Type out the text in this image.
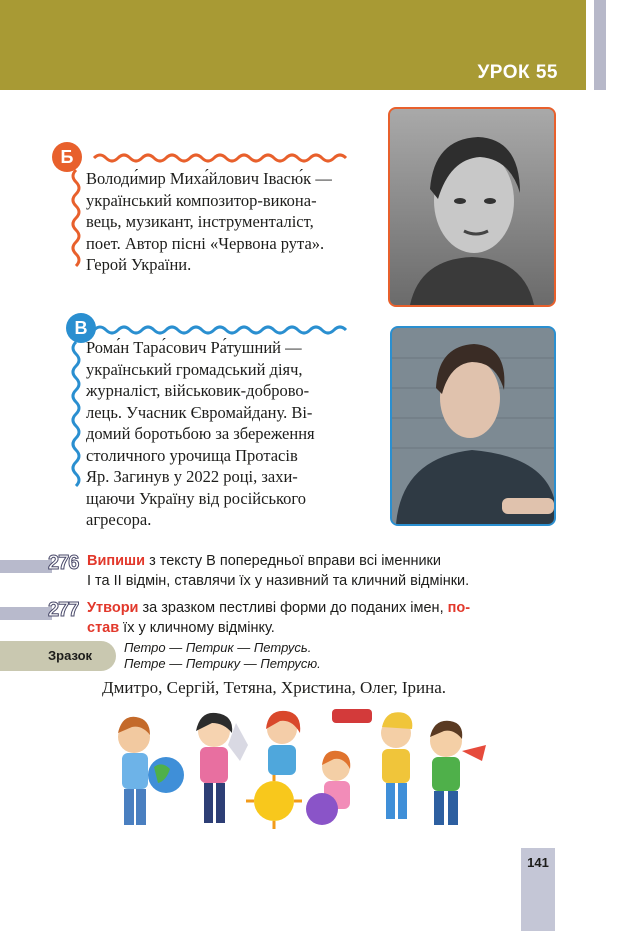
УРОК 55
Б
Володи́мир Миха́йлович Івасю́к —
український композитор-викона-
вець, музикант, інструменталіст,
поет. Автор пісні «Червона рута».
Герой України.
В
Рома́н Тара́сович Ра́тушний —
український громадський діяч,
журналіст, військовик-доброво-
лець. Учасник Євромайдану. Ві-
домий боротьбою за збереження
столичного урочища Протасів
Яр. Загинув у 2022 році, захи-
щаючи Україну від російського
агресора.
276 Випиши з тексту В попередньої вправи всі іменники
І та ІІ відмін, ставлячи їх у називний та кличний відмінки.
277 Утвори за зразком пестливі форми до поданих імен, по-
став їх у кличному відмінку.
Зразок
Петро — Петрик — Петрусь.
Петре — Петрику — Петрусю.
Дмитро, Сергій, Тетяна, Христина, Олег, Ірина.
141
